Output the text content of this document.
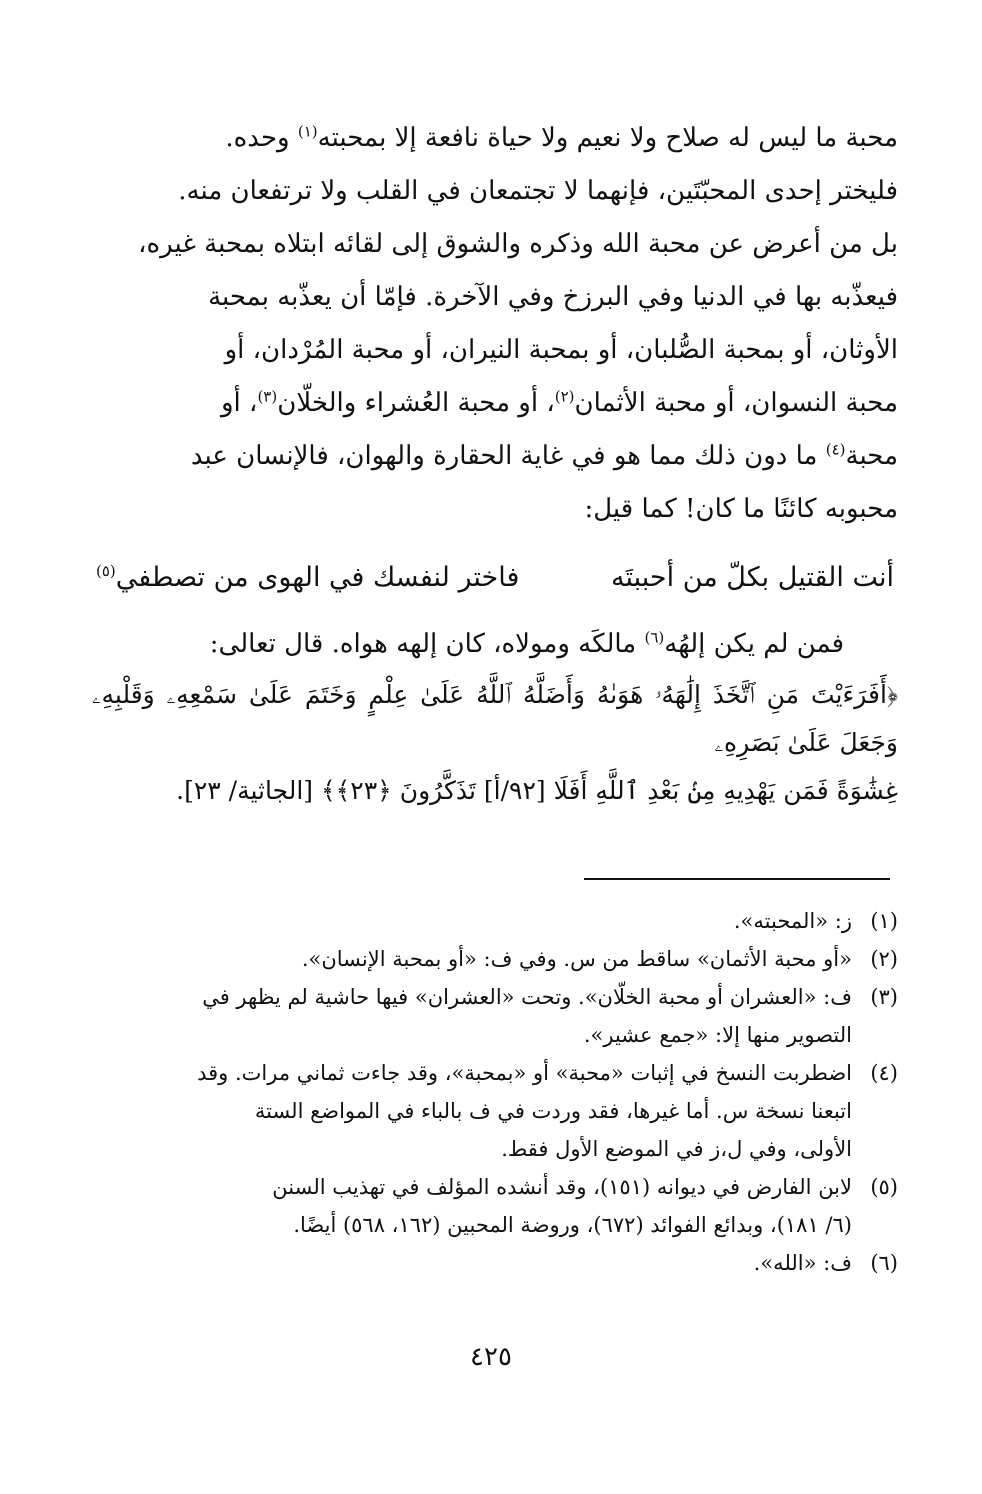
محبة ما ليس له صلاح ولا نعيم ولا حياة نافعة إلا بمحبته$^{(١)}$ وحده.

فليختر إحدى المحبّتَين، فإنهما لا تجتمعان في القلب ولا ترتفعان منه.

بل من أعرض عن محبة الله وذكره والشوق إلى لقائه ابتلاه بمحبة غيره،

فيعذّبه بها في الدنيا وفي البرزخ وفي الآخرة. فإمّا أن يعذّبه بمحبة

الأوثان، أو بمحبة الصُّلبان، أو بمحبة النيران، أو محبة المُرْدان، أو

محبة النسوان، أو محبة الأثمان$^{(٢)}$، أو محبة العُشراء والخلّان$^{(٣)}$، أو

محبة$^{(٤)}$ ما دون ذلك مما هو في غاية الحقارة والهوان، فالإنسان عبد

محبوبه كائنًا ما كان! كما قيل:

أنت القتيل بكلّ من أحببتَه
فاختر لنفسك في الهوى من تصطفي$^{(٥)}$

فمن لم يكن إلهُه$^{(٦)}$ مالكَه ومولاه، كان إلهه هواه. قال تعالى:

﴿أَفَرَءَيْتَ مَنِ ٱتَّخَذَ إِلَٰهَهُۥ هَوَىٰهُ وَأَضَلَّهُ ٱللَّهُ عَلَىٰ عِلْمٍ وَخَتَمَ عَلَىٰ سَمْعِهِۦ وَقَلْبِهِۦ وَجَعَلَ عَلَىٰ بَصَرِهِۦ

غِشَٰوَةً فَمَن يَهْدِيهِ مِنۢ بَعْدِ ٱللَّهِ أَفَلَا [٩٢/أ] تَذَكَّرُونَ ﴿٢٣﴾﴾ [الجاثية/ ٢٣].

(١)
ز: «المحبته».
(٢)
«أو محبة الأثمان» ساقط من س. وفي ف: «أو بمحبة الإنسان».
(٣)
ف: «العشران أو محبة الخلّان». وتحت «العشران» فيها حاشية لم يظهر في
التصوير منها إلا: «جمع عشير».
(٤)
اضطربت النسخ في إثبات «محبة» أو «بمحبة»، وقد جاءت ثماني مرات. وقد
اتبعنا نسخة س. أما غيرها، فقد وردت في ف بالباء في المواضع الستة
الأولى، وفي ل،ز في الموضع الأول فقط.
(٥)
لابن الفارض في ديوانه (١٥١)، وقد أنشده المؤلف في تهذيب السنن
(٦/ ١٨١)، وبدائع الفوائد (٦٧٢)، وروضة المحبين (١٦٢، ٥٦٨) أيضًا.
(٦)
ف: «الله».
٤٢٥
